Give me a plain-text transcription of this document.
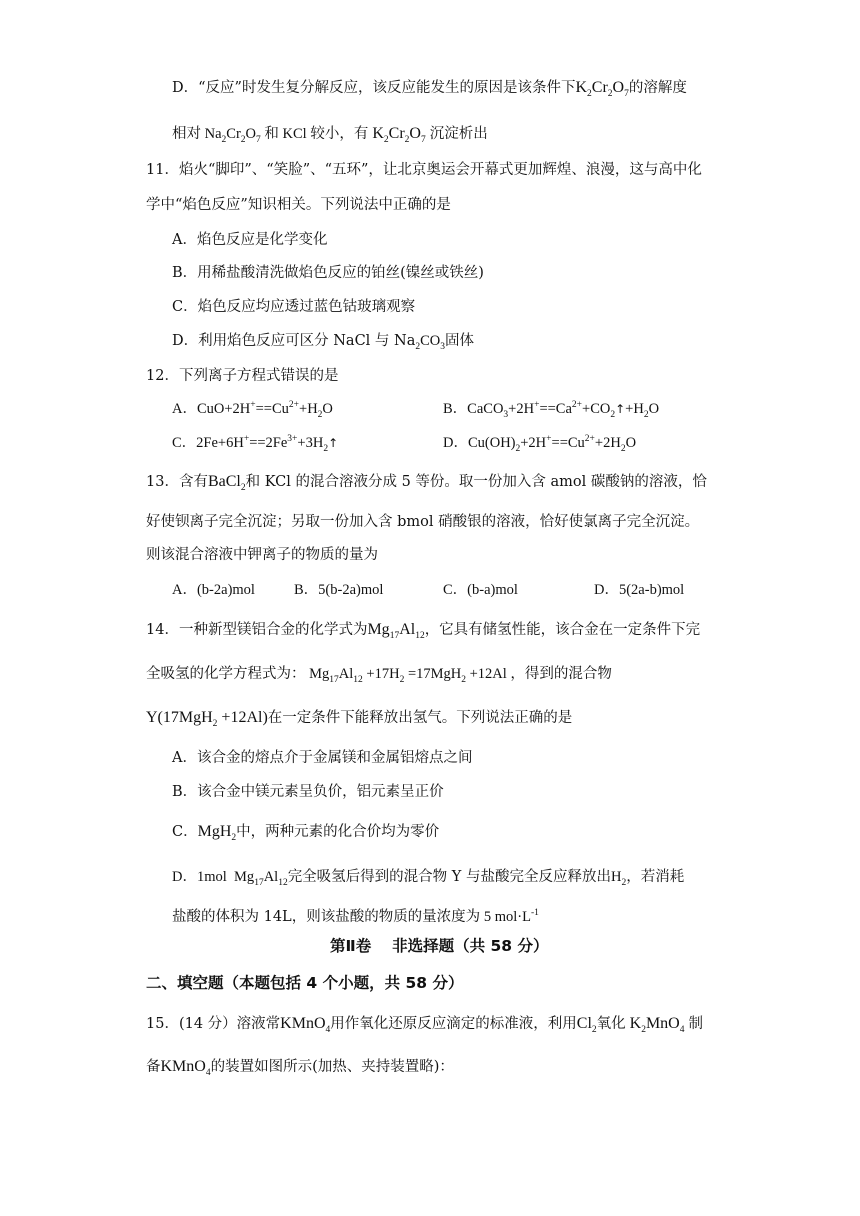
D．“反应”时发生复分解反应，该反应能发生的原因是该条件下$K_2Cr_2O_7$的溶解度
相对 $Na_2Cr_2O_7$ 和 KCl 较小，有 $K_2Cr_2O_7$ 沉淀析出
11．焰火“脚印”、“笑脸”、“五环”，让北京奥运会开幕式更加辉煌、浪漫，这与高中化
学中“焰色反应”知识相关。下列说法中正确的是
A．焰色反应是化学变化
B．用稀盐酸清洗做焰色反应的铂丝(镍丝或铁丝)
C．焰色反应均应透过蓝色钴玻璃观察
D．利用焰色反应可区分 NaCl 与 $Na_2CO_3$固体
12．下列离子方程式错误的是
A．$CuO+2H^+==Cu^{2+}+H_2O$	B．$CaCO_3+2H^+==Ca^{2+}+CO_2↑+H_2O$
C．$2Fe+6H^+==2Fe^{3+}+3H_2↑$	D．$Cu(OH)_2+2H^+==Cu^{2+}+2H_2O$
13．含有BaCl$_2$和 KCl 的混合溶液分成 5 等份。取一份加入含 amol 碳酸钠的溶液，恰
好使钡离子完全沉淀；另取一份加入含 bmol 硝酸银的溶液，恰好使氯离子完全沉淀。
则该混合溶液中钾离子的物质的量为
A．(b-2a)mol	B．5(b-2a)mol	C．(b-a)mol	D．5(2a-b)mol
14．一种新型镁铝合金的化学式为$Mg_{17}Al_{12}$，它具有储氢性能，该合金在一定条件下完
全吸氢的化学方程式为： $Mg_{17}Al_{12} +17H_2 =17MgH_2 +12Al$ ，得到的混合物
Y(17MgH$_2$ +12Al)在一定条件下能释放出氢气。下列说法正确的是
A．该合金的熔点介于金属镁和金属铝熔点之间
B．该合金中镁元素呈负价，铝元素呈正价
C．MgH$_2$中，两种元素的化合价均为零价
D．1mol  $Mg_{17}Al_{12}$完全吸氢后得到的混合物 Y 与盐酸完全反应释放出$H_2$，若消耗
盐酸的体积为 14L，则该盐酸的物质的量浓度为 5 $mol\cdot L^{-1}$
第Ⅱ卷　 非选择题（共 58 分）
二、填空题（本题包括 4 个小题，共 58 分）
15．(14 分）溶液常KMnO$_4$用作氧化还原反应滴定的标准液，利用$Cl_2$氧化 $K_2MnO_4$ 制
备KMnO$_4$的装置如图所示(加热、夹持装置略)：
